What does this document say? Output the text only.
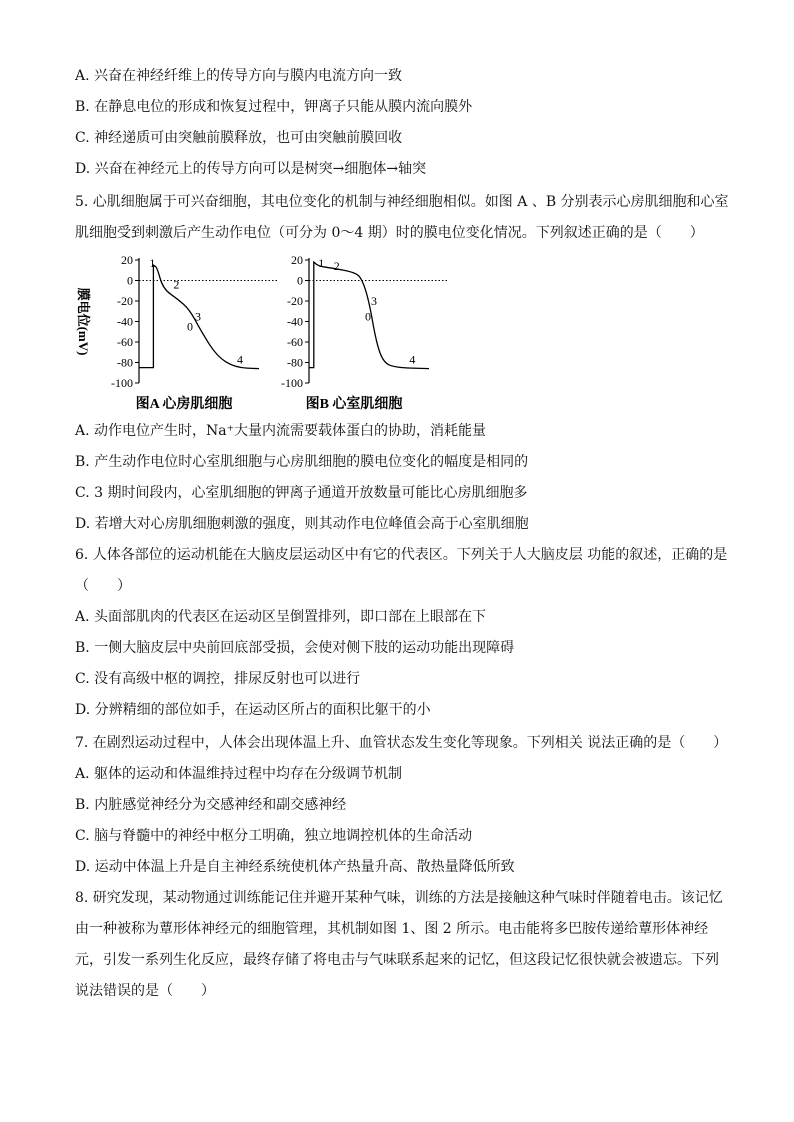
A. 兴奋在神经纤维上的传导方向与膜内电流方向一致
B. 在静息电位的形成和恢复过程中，钾离子只能从膜内流向膜外
C. 神经递质可由突触前膜释放，也可由突触前膜回收
D. 兴奋在神经元上的传导方向可以是树突→细胞体→轴突
5. 心肌细胞属于可兴奋细胞，其电位变化的机制与神经细胞相似。如图 A 、B 分别表示心房肌细胞和心室
肌细胞受到刺激后产生动作电位（可分为 0～4 期）时的膜电位变化情况。下列叙述正确的是（　　）
20
0
-20
-40
-60
-80
-100
0
1
2
3
4
膜电位(mV)
图A 心房肌细胞
20
0
-20
-40
-60
-80
-100
0
1 2
3
4
图B 心室肌细胞
A. 动作电位产生时，Na⁺大量内流需要载体蛋白的协助，消耗能量
B. 产生动作电位时心室肌细胞与心房肌细胞的膜电位变化的幅度是相同的
C. 3 期时间段内，心室肌细胞的钾离子通道开放数量可能比心房肌细胞多
D. 若增大对心房肌细胞刺激的强度，则其动作电位峰值会高于心室肌细胞
6. 人体各部位的运动机能在大脑皮层运动区中有它的代表区。下列关于人大脑皮层 功能的叙述，正确的是
（　　）
A. 头面部肌肉的代表区在运动区呈倒置排列，即口部在上眼部在下
B. 一侧大脑皮层中央前回底部受损，会使对侧下肢的运动功能出现障碍
C. 没有高级中枢的调控，排尿反射也可以进行
D. 分辨精细的部位如手，在运动区所占的面积比躯干的小
7. 在剧烈运动过程中，人体会出现体温上升、血管状态发生变化等现象。下列相关 说法正确的是（　　）
A. 躯体的运动和体温维持过程中均存在分级调节机制
B. 内脏感觉神经分为交感神经和副交感神经
C. 脑与脊髓中的神经中枢分工明确，独立地调控机体的生命活动
D. 运动中体温上升是自主神经系统使机体产热量升高、散热量降低所致
8. 研究发现，某动物通过训练能记住并避开某种气味，训练的方法是接触这种气味时伴随着电击。该记忆
由一种被称为蕈形体神经元的细胞管理，其机制如图 1、图 2 所示。电击能将多巴胺传递给蕈形体神经
元，引发一系列生化反应，最终存储了将电击与气味联系起来的记忆，但这段记忆很快就会被遗忘。下列
说法错误的是（　　）
